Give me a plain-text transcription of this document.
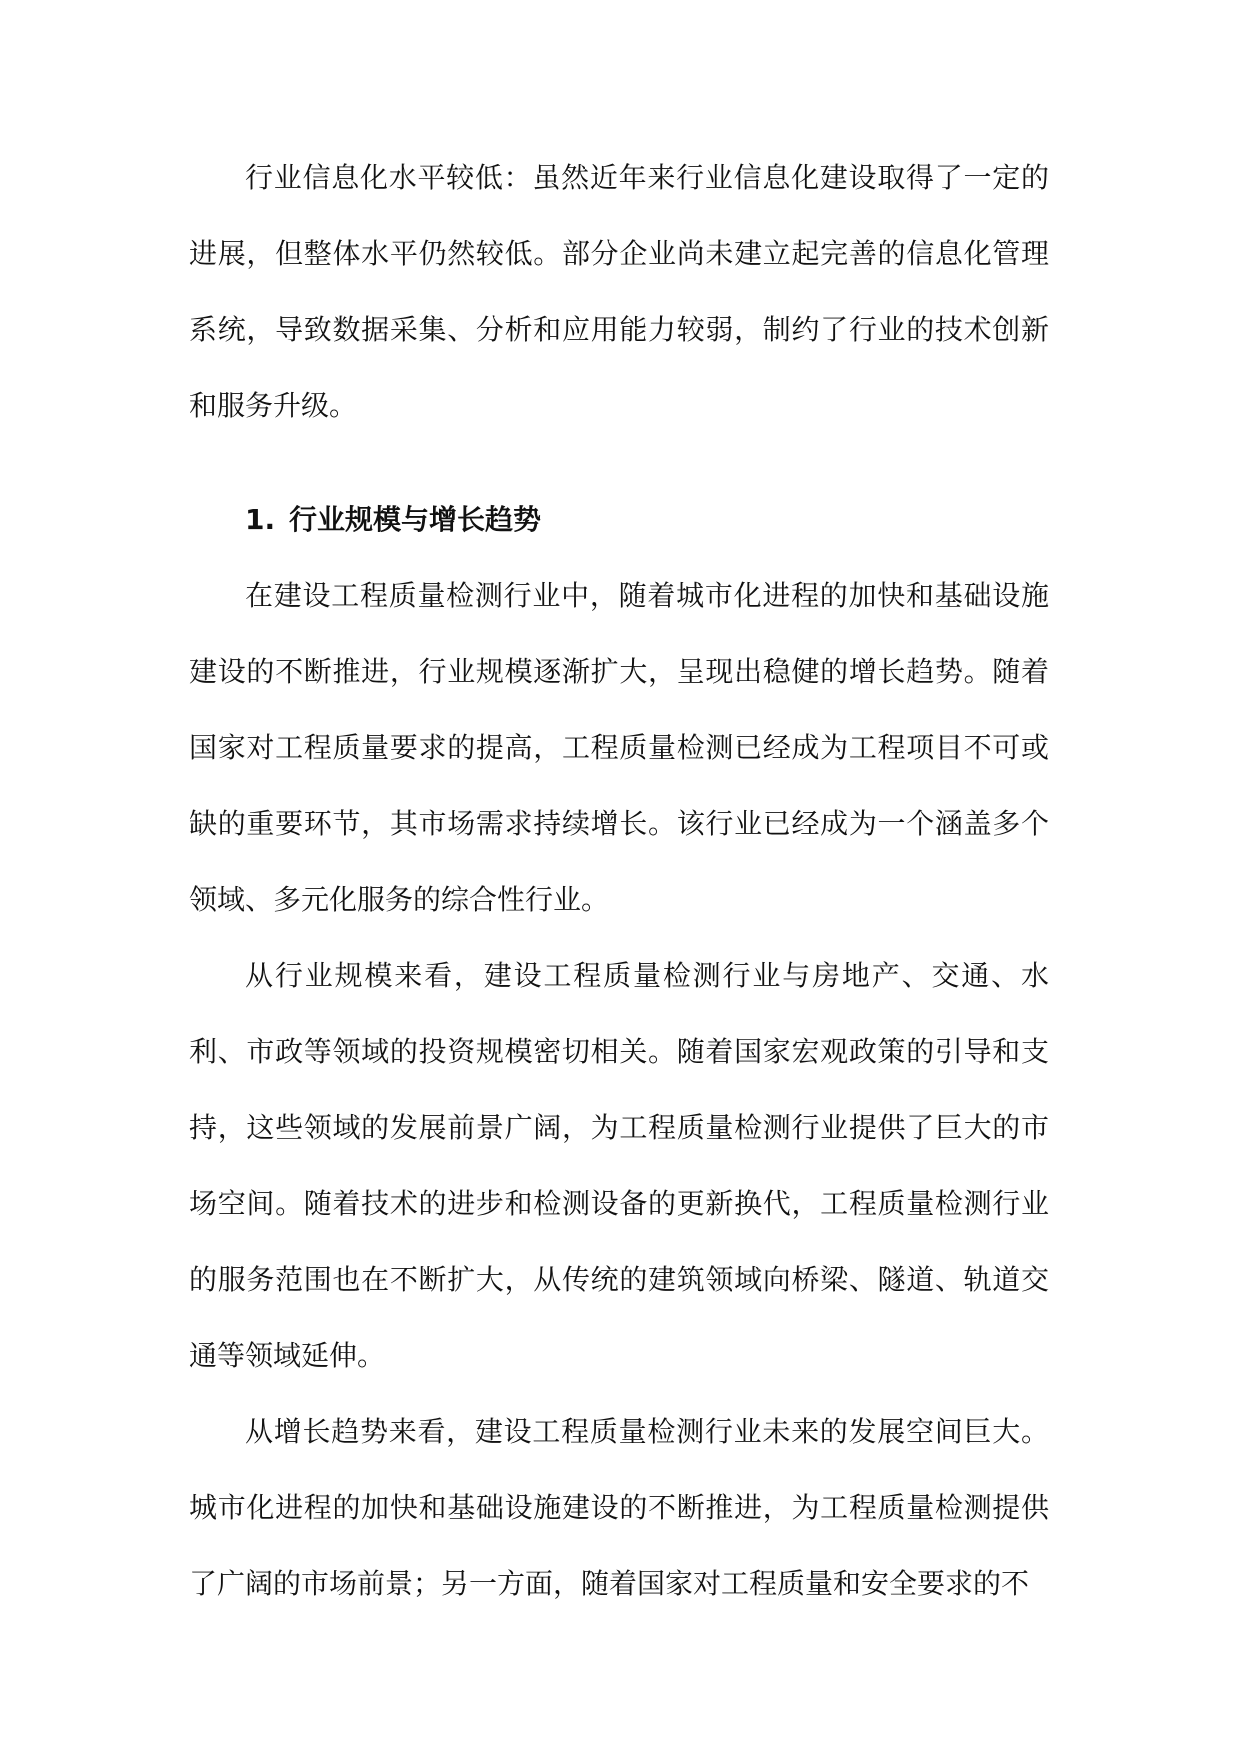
行业信息化水平较低：虽然近年来行业信息化建设取得了一定的进展，但整体水平仍然较低。部分企业尚未建立起完善的信息化管理系统，导致数据采集、分析和应用能力较弱，制约了行业的技术创新和服务升级。

1. 行业规模与增长趋势

在建设工程质量检测行业中，随着城市化进程的加快和基础设施建设的不断推进，行业规模逐渐扩大，呈现出稳健的增长趋势。随着国家对工程质量要求的提高，工程质量检测已经成为工程项目不可或缺的重要环节，其市场需求持续增长。该行业已经成为一个涵盖多个领域、多元化服务的综合性行业。

从行业规模来看，建设工程质量检测行业与房地产、交通、水利、市政等领域的投资规模密切相关。随着国家宏观政策的引导和支持，这些领域的发展前景广阔，为工程质量检测行业提供了巨大的市场空间。随着技术的进步和检测设备的更新换代，工程质量检测行业的服务范围也在不断扩大，从传统的建筑领域向桥梁、隧道、轨道交通等领域延伸。

从增长趋势来看，建设工程质量检测行业未来的发展空间巨大。城市化进程的加快和基础设施建设的不断推进，为工程质量检测提供了广阔的市场前景；另一方面，随着国家对工程质量和安全要求的不
